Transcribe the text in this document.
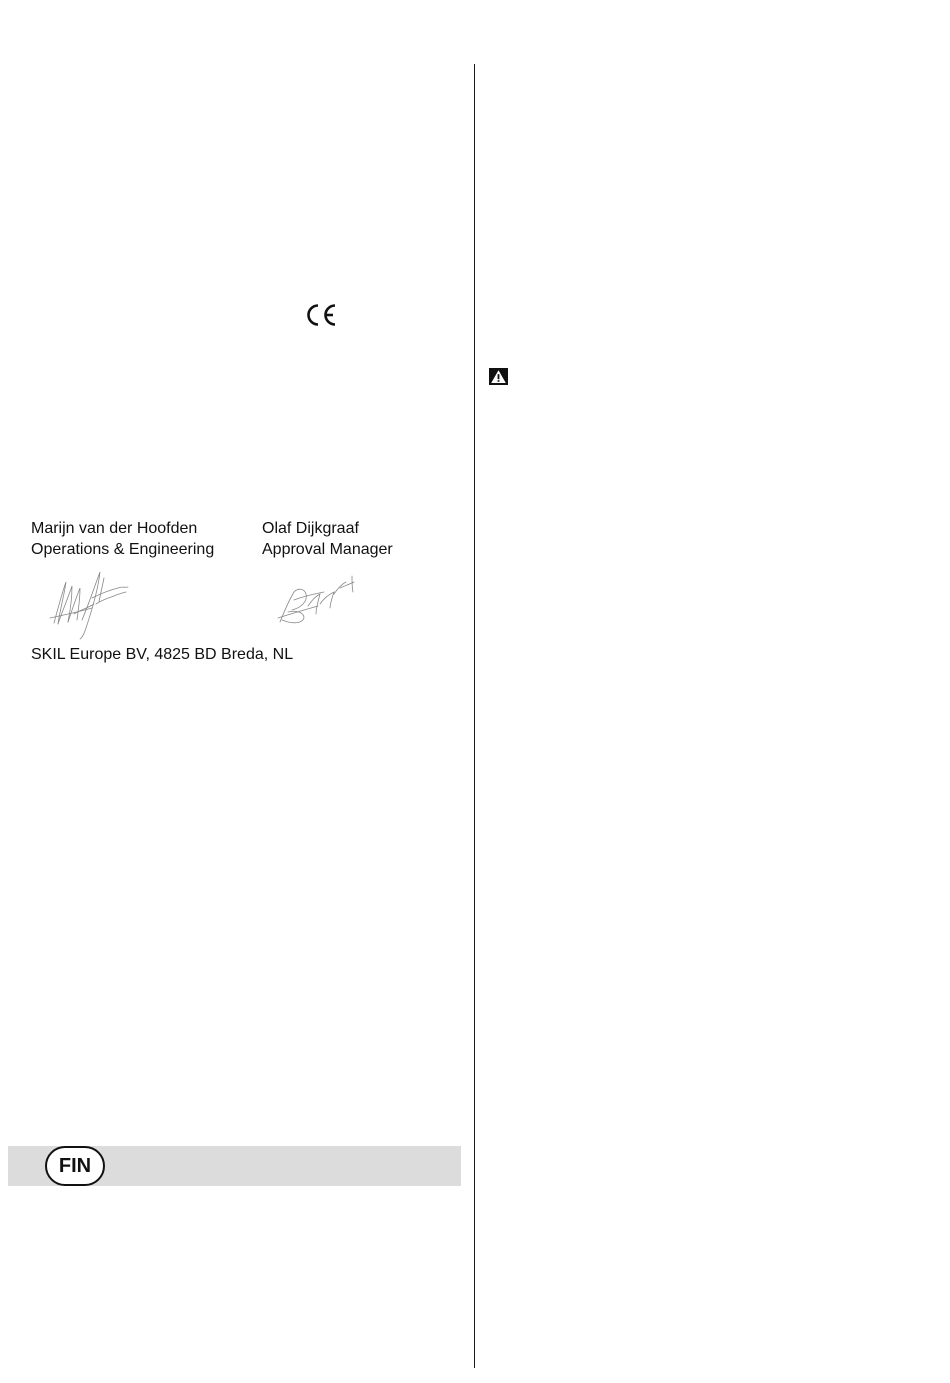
Marijn van der Hoofden
Operations & Engineering
Olaf Dijkgraaf
Approval Manager
SKIL Europe BV, 4825 BD Breda, NL
FIN
